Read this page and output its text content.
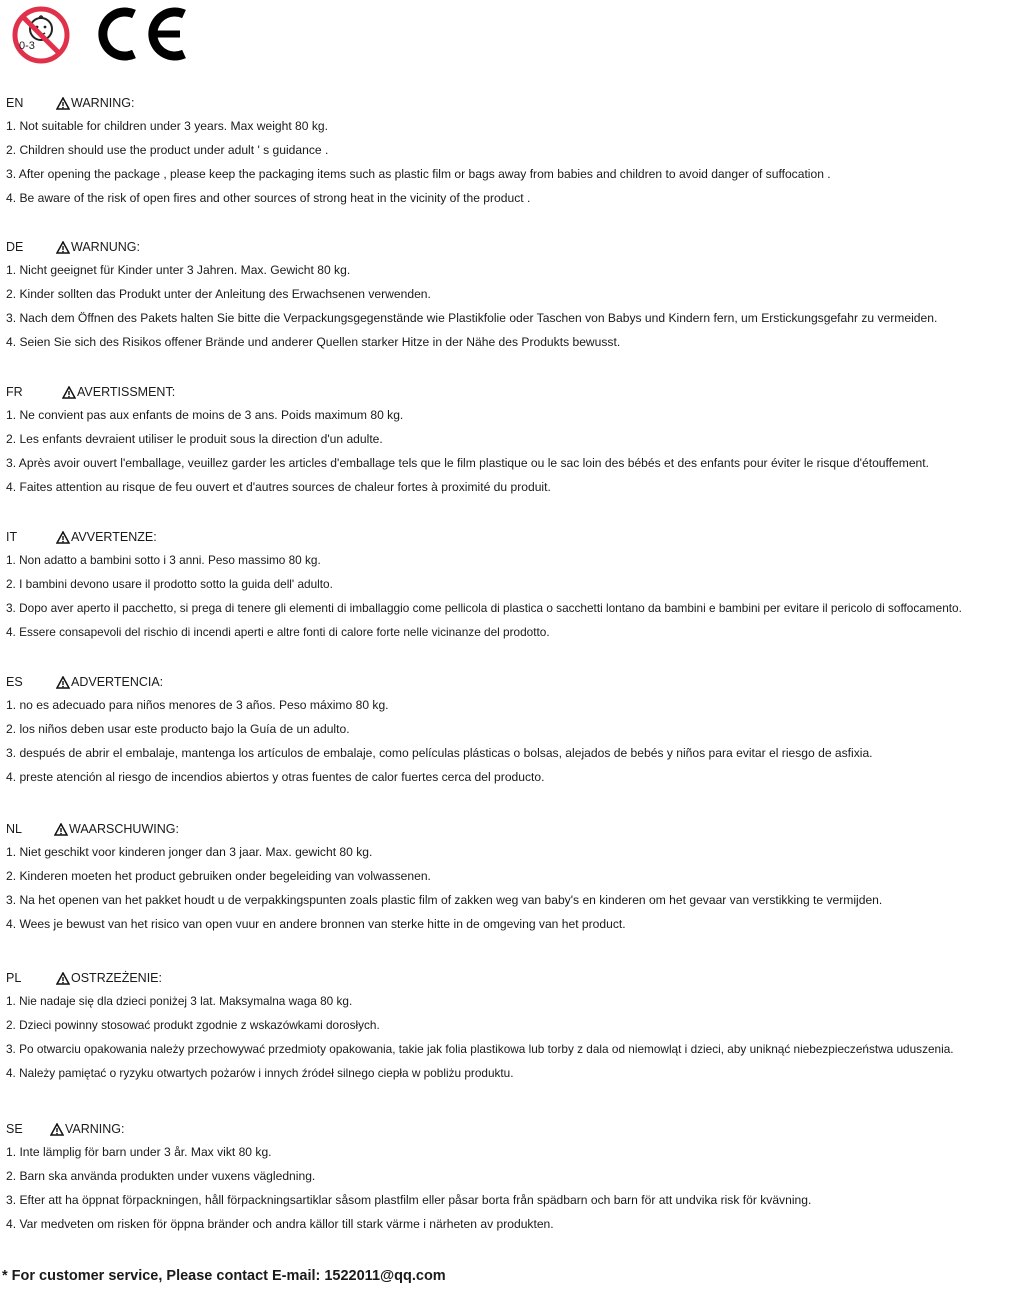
0-3
EN	WARNING:
1. Not suitable for children under 3 years. Max weight 80 kg.
2. Children should use the product under adult ' s guidance .
3. After opening the package , please keep the packaging items such as plastic film or bags away from babies and children to avoid danger of suffocation .
4. Be aware of the risk of open fires and other sources of strong heat in the vicinity of the product .
DE	WARNUNG:
1. Nicht geeignet für Kinder unter 3 Jahren. Max. Gewicht 80 kg.
2. Kinder sollten das Produkt unter der Anleitung des Erwachsenen verwenden.
3. Nach dem Öffnen des Pakets halten Sie bitte die Verpackungsgegenstände wie Plastikfolie oder Taschen von Babys und Kindern fern, um Erstickungsgefahr zu vermeiden.
4. Seien Sie sich des Risikos offener Brände und anderer Quellen starker Hitze in der Nähe des Produkts bewusst.
FR	AVERTISSMENT:
1. Ne convient pas aux enfants de moins de 3 ans. Poids maximum 80 kg.
2. Les enfants devraient utiliser le produit sous la direction d'un adulte.
3. Après avoir ouvert l'emballage, veuillez garder les articles d'emballage tels que le film plastique ou le sac loin des bébés et des enfants pour éviter le risque d'étouffement.
4. Faites attention au risque de feu ouvert et d'autres sources de chaleur fortes à proximité du produit.
IT	AVVERTENZE:
1. Non adatto a bambini sotto i 3 anni. Peso massimo 80 kg.
2. I bambini devono usare il prodotto sotto la guida dell' adulto.
3. Dopo aver aperto il pacchetto, si prega di tenere gli elementi di imballaggio come pellicola di plastica o sacchetti lontano da bambini e bambini per evitare il pericolo di soffocamento.
4. Essere consapevoli del rischio di incendi aperti e altre fonti di calore forte nelle vicinanze del prodotto.
ES	ADVERTENCIA:
1. no es adecuado para niños menores de 3 años. Peso máximo 80 kg.
2. los niños deben usar este producto bajo la Guía de un adulto.
3. después de abrir el embalaje, mantenga los artículos de embalaje, como películas plásticas o bolsas, alejados de bebés y niños para evitar el riesgo de asfixia.
4. preste atención al riesgo de incendios abiertos y otras fuentes de calor fuertes cerca del producto.
NL	WAARSCHUWING:
1. Niet geschikt voor kinderen jonger dan 3 jaar. Max. gewicht 80 kg.
2. Kinderen moeten het product gebruiken onder begeleiding van volwassenen.
3. Na het openen van het pakket houdt u de verpakkingspunten zoals plastic film of zakken weg van baby's en kinderen om het gevaar van verstikking te vermijden.
4. Wees je bewust van het risico van open vuur en andere bronnen van sterke hitte in de omgeving van het product.
PL	OSTRZEŻENIE:
1. Nie nadaje się dla dzieci poniżej 3 lat. Maksymalna waga 80 kg.
2. Dzieci powinny stosować produkt zgodnie z wskazówkami dorosłych.
3. Po otwarciu opakowania należy przechowywać przedmioty opakowania, takie jak folia plastikowa lub torby z dala od niemowląt i dzieci, aby uniknąć niebezpieczeństwa uduszenia.
4. Należy pamiętać o ryzyku otwartych pożarów i innych źródeł silnego ciepła w pobliżu produktu.
SE	VARNING:
1. Inte lämplig för barn under 3 år. Max vikt 80 kg.
2. Barn ska använda produkten under vuxens vägledning.
3. Efter att ha öppnat förpackningen, håll förpackningsartiklar såsom plastfilm eller påsar borta från spädbarn och barn för att undvika risk för kvävning.
4. Var medveten om risken för öppna bränder och andra källor till stark värme i närheten av produkten.
* For customer service, Please contact E-mail: 1522011@qq.com
